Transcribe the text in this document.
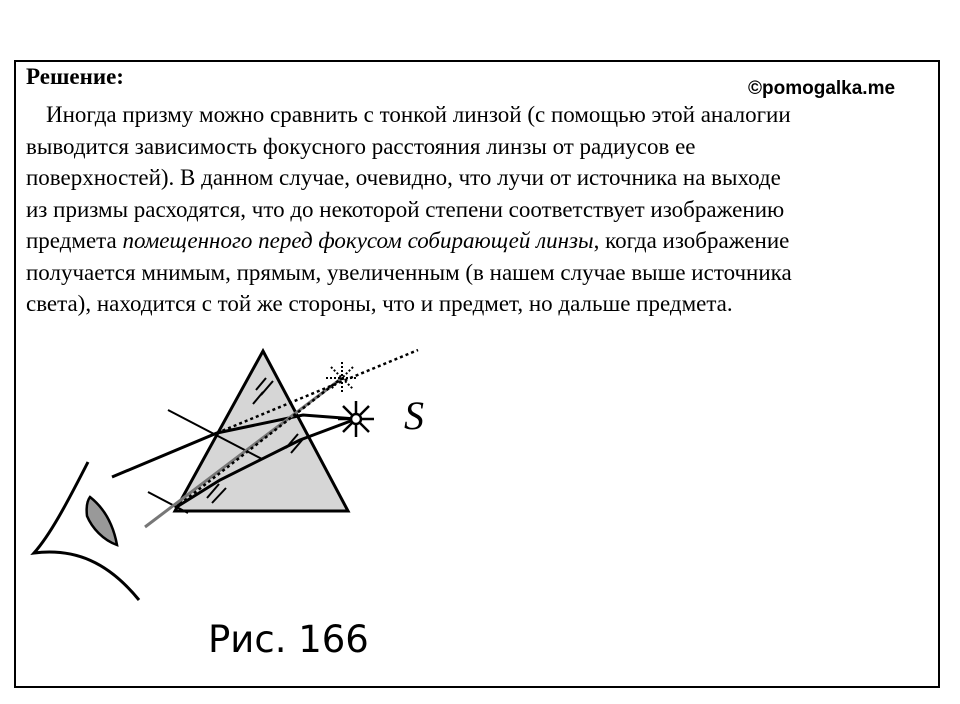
Решение:	©pomogalka.me
Иногда призму можно сравнить с тонкой линзой (с помощью этой аналогии
выводится зависимость фокусного расстояния линзы от радиусов ее
поверхностей). В данном случае, очевидно, что лучи от источника на выходе
из призмы расходятся, что до некоторой степени соответствует изображению
предмета помещенного перед фокусом собирающей линзы, когда изображение
получается мнимым, прямым, увеличенным (в нашем случае выше источника
света), находится с той же стороны, что и предмет, но дальше предмета.
S
Рис. 166
